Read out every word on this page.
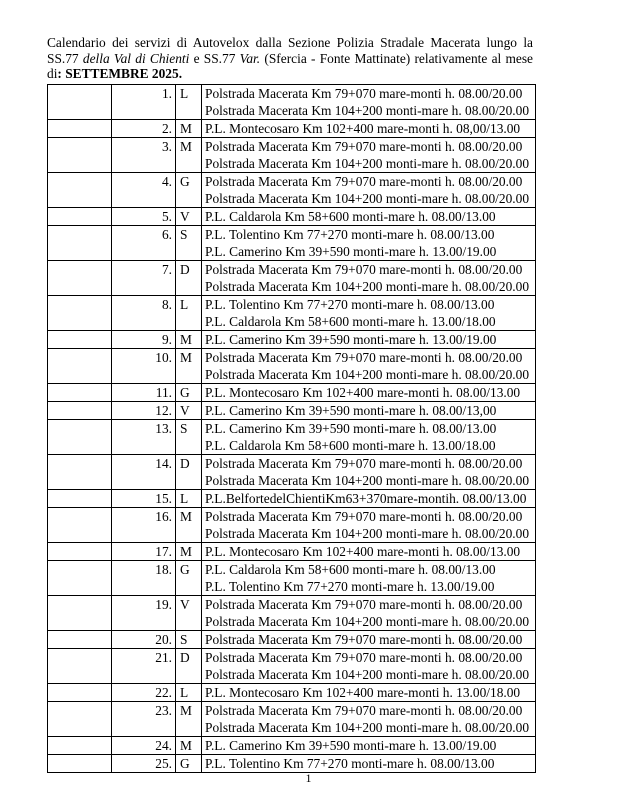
Calendario dei servizi di Autovelox dalla Sezione Polizia Stradale Macerata lungo la SS.77 della Val di Chienti e SS.77 Var. (Sfercia - Fonte Mattinate) relativamente al mese di: SETTEMBRE 2025.

	1.	L	Polstrada Macerata Km 79+070 mare-monti h. 08.00/20.00
Polstrada Macerata Km 104+200 monti-mare h. 08.00/20.00

	2.	M	P.L. Montecosaro Km 102+400 mare-monti h. 08,00/13.00

	3.	M	Polstrada Macerata Km 79+070 mare-monti h. 08.00/20.00
Polstrada Macerata Km 104+200 monti-mare h. 08.00/20.00

	4.	G	Polstrada Macerata Km 79+070 mare-monti h. 08.00/20.00
Polstrada Macerata Km 104+200 monti-mare h. 08.00/20.00

	5.	V	P.L. Caldarola Km 58+600 monti-mare h. 08.00/13.00

	6.	S	P.L. Tolentino Km 77+270 monti-mare h. 08.00/13.00
P.L. Camerino Km 39+590 monti-mare h. 13.00/19.00

	7.	D	Polstrada Macerata Km 79+070 mare-monti h. 08.00/20.00
Polstrada Macerata Km 104+200 monti-mare h. 08.00/20.00

	8.	L	P.L. Tolentino Km 77+270 monti-mare h. 08.00/13.00
P.L. Caldarola Km 58+600 monti-mare h. 13.00/18.00

	9.	M	P.L. Camerino Km 39+590 monti-mare h. 13.00/19.00

	10.	M	Polstrada Macerata Km 79+070 mare-monti h. 08.00/20.00
Polstrada Macerata Km 104+200 monti-mare h. 08.00/20.00

	11.	G	P.L. Montecosaro Km 102+400 mare-monti h. 08.00/13.00

	12.	V	P.L. Camerino Km 39+590 monti-mare h. 08.00/13,00

	13.	S	P.L. Camerino Km 39+590 monti-mare h. 08.00/13.00
P.L. Caldarola Km 58+600 monti-mare h. 13.00/18.00

	14.	D	Polstrada Macerata Km 79+070 mare-monti h. 08.00/20.00
Polstrada Macerata Km 104+200 monti-mare h. 08.00/20.00

	15.	L	P.L.BelfortedelChientiKm63+370mare-montih. 08.00/13.00

	16.	M	Polstrada Macerata Km 79+070 mare-monti h. 08.00/20.00
Polstrada Macerata Km 104+200 monti-mare h. 08.00/20.00

	17.	M	P.L. Montecosaro Km 102+400 mare-monti h. 08.00/13.00

	18.	G	P.L. Caldarola Km 58+600 monti-mare h. 08.00/13.00
P.L. Tolentino Km 77+270 monti-mare h. 13.00/19.00

	19.	V	Polstrada Macerata Km 79+070 mare-monti h. 08.00/20.00
Polstrada Macerata Km 104+200 monti-mare h. 08.00/20.00

	20.	S	Polstrada Macerata Km 79+070 mare-monti h. 08.00/20.00

	21.	D	Polstrada Macerata Km 79+070 mare-monti h. 08.00/20.00
Polstrada Macerata Km 104+200 monti-mare h. 08.00/20.00

	22.	L	P.L. Montecosaro Km 102+400 mare-monti h. 13.00/18.00

	23.	M	Polstrada Macerata Km 79+070 mare-monti h. 08.00/20.00
Polstrada Macerata Km 104+200 monti-mare h. 08.00/20.00

	24.	M	P.L. Camerino Km 39+590 monti-mare h. 13.00/19.00

	25.	G	P.L. Tolentino Km 77+270 monti-mare h. 08.00/13.00
1
